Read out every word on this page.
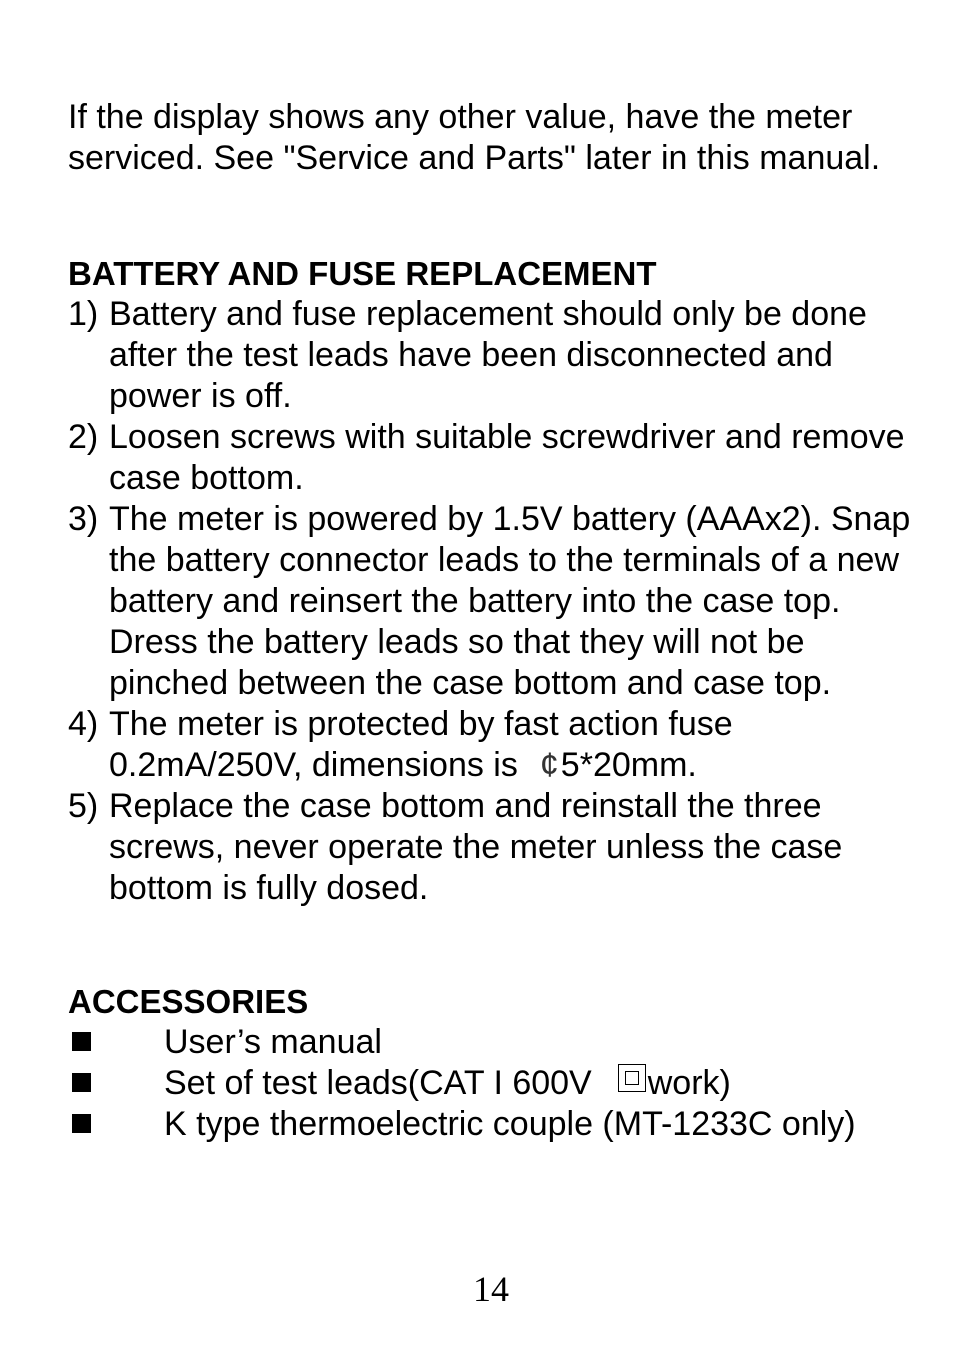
If the display shows any other value, have the meter serviced. See "Service and Parts" later in this manual.

BATTERY AND FUSE REPLACEMENT
1) Battery and fuse replacement should only be done after the test leads have been disconnected and power is off.
2) Loosen screws with suitable screwdriver and remove case bottom.
3) The meter is powered by 1.5V battery (AAAx2). Snap the battery connector leads to the terminals of a new battery and reinsert the battery into the case top. Dress the battery leads so that they will not be pinched between the case bottom and case top.
4) The meter is protected by fast action fuse 0.2mA/250V, dimensions is ¢5*20mm.
5) Replace the case bottom and reinstall the three screws, never operate the meter unless the case bottom is fully dosed.
ACCESSORIES
User’s manual
Set of test leads(CAT I 600V work)
K type thermoelectric couple (MT-1233C only)
14
